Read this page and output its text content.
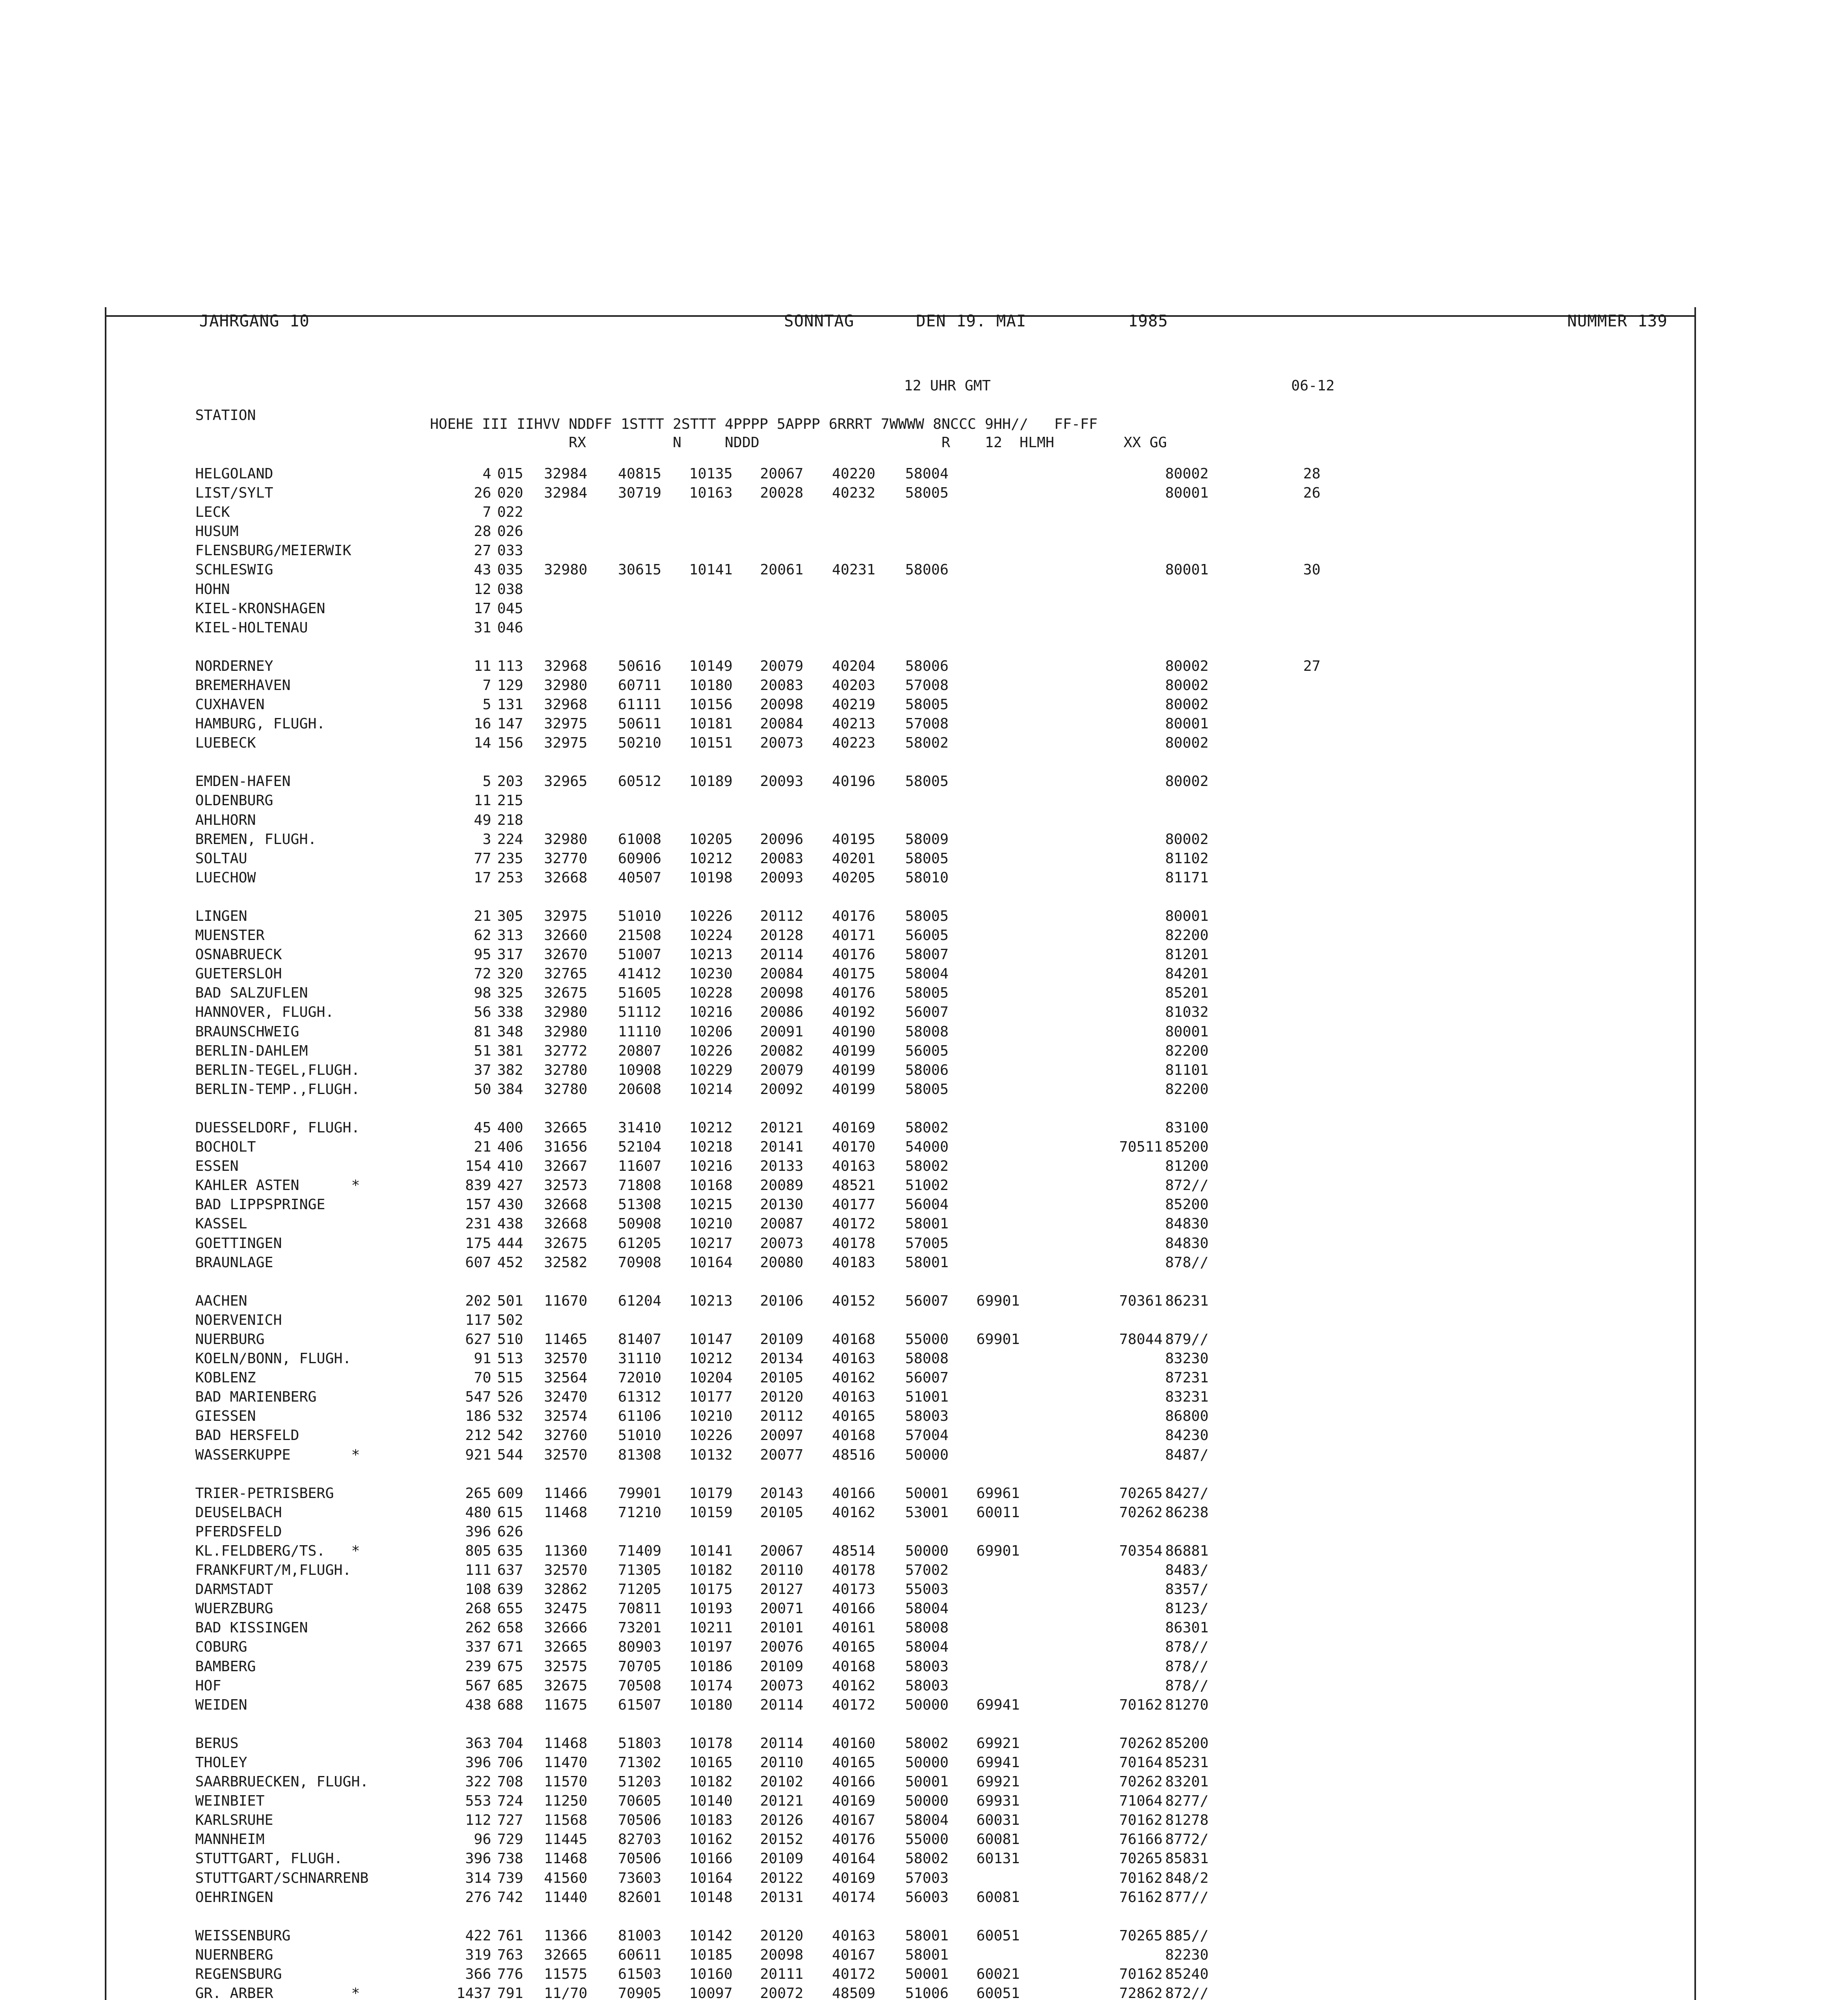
JAHRGANG 10	SONNTAG	DEN 19. MAI	1985	NUMMER 139
12 UHR GMT	06-12
STATION
HOEHE III IIHVV NDDFF 1STTT 2STTT 4PPPP 5APPP 6RRRT 7WWWW 8NCCC 9HH//   FF-FF
RX          N     NDDD                     R    12  HLMH        XX GG
HELGOLAND	4 015 32984 40815 10135 20067 40220 58004	80002	28
LIST/SYLT	26 020 32984 30719 10163 20028 40232 58005	80001	26
LECK	7 022
HUSUM	28 026
FLENSBURG/MEIERWIK	27 033
SCHLESWIG	43 035 32980 30615 10141 20061 40231 58006	80001	30
HOHN	12 038
KIEL-KRONSHAGEN	17 045
KIEL-HOLTENAU	31 046
NORDERNEY	11 113 32968 50616 10149 20079 40204 58006	80002	27
BREMERHAVEN	7 129 32980 60711 10180 20083 40203 57008	80002
CUXHAVEN	5 131 32968 61111 10156 20098 40219 58005	80002
HAMBURG, FLUGH.	16 147 32975 50611 10181 20084 40213 57008	80001
LUEBECK	14 156 32975 50210 10151 20073 40223 58002	80002
EMDEN-HAFEN	5 203 32965 60512 10189 20093 40196 58005	80002
OLDENBURG	11 215
AHLHORN	49 218
BREMEN, FLUGH.	3 224 32980 61008 10205 20096 40195 58009	80002
SOLTAU	77 235 32770 60906 10212 20083 40201 58005	81102
LUECHOW	17 253 32668 40507 10198 20093 40205 58010	81171
LINGEN	21 305 32975 51010 10226 20112 40176 58005	80001
MUENSTER	62 313 32660 21508 10224 20128 40171 56005	82200
OSNABRUECK	95 317 32670 51007 10213 20114 40176 58007	81201
GUETERSLOH	72 320 32765 41412 10230 20084 40175 58004	84201
BAD SALZUFLEN	98 325 32675 51605 10228 20098 40176 58005	85201
HANNOVER, FLUGH.	56 338 32980 51112 10216 20086 40192 56007	81032
BRAUNSCHWEIG	81 348 32980 11110 10206 20091 40190 58008	80001
BERLIN-DAHLEM	51 381 32772 20807 10226 20082 40199 56005	82200
BERLIN-TEGEL,FLUGH.	37 382 32780 10908 10229 20079 40199 58006	81101
BERLIN-TEMP.,FLUGH.	50 384 32780 20608 10214 20092 40199 58005	82200
DUESSELDORF, FLUGH.	45 400 32665 31410 10212 20121 40169 58002	83100
BOCHOLT	21 406 31656 52104 10218 20141 40170 54000	70511 85200
ESSEN	154 410 32667 11607 10216 20133 40163 58002	81200
KAHLER ASTEN      *	839 427 32573 71808 10168 20089 48521 51002	872//
BAD LIPPSPRINGE	157 430 32668 51308 10215 20130 40177 56004	85200
KASSEL	231 438 32668 50908 10210 20087 40172 58001	84830
GOETTINGEN	175 444 32675 61205 10217 20073 40178 57005	84830
BRAUNLAGE	607 452 32582 70908 10164 20080 40183 58001	878//
AACHEN	202 501 11670 61204 10213 20106 40152 56007 69901	70361 86231
NOERVENICH	117 502
NUERBURG	627 510 11465 81407 10147 20109 40168 55000 69901	78044 879//
KOELN/BONN, FLUGH.	91 513 32570 31110 10212 20134 40163 58008	83230
KOBLENZ	70 515 32564 72010 10204 20105 40162 56007	87231
BAD MARIENBERG	547 526 32470 61312 10177 20120 40163 51001	83231
GIESSEN	186 532 32574 61106 10210 20112 40165 58003	86800
BAD HERSFELD	212 542 32760 51010 10226 20097 40168 57004	84230
WASSERKUPPE       *	921 544 32570 81308 10132 20077 48516 50000	8487/
TRIER-PETRISBERG	265 609 11466 79901 10179 20143 40166 50001 69961	70265 8427/
DEUSELBACH	480 615 11468 71210 10159 20105 40162 53001 60011	70262 86238
PFERDSFELD	396 626
KL.FELDBERG/TS.   *	805 635 11360 71409 10141 20067 48514 50000 69901	70354 86881
FRANKFURT/M,FLUGH.	111 637 32570 71305 10182 20110 40178 57002	8483/
DARMSTADT	108 639 32862 71205 10175 20127 40173 55003	8357/
WUERZBURG	268 655 32475 70811 10193 20071 40166 58004	8123/
BAD KISSINGEN	262 658 32666 73201 10211 20101 40161 58008	86301
COBURG	337 671 32665 80903 10197 20076 40165 58004	878//
BAMBERG	239 675 32575 70705 10186 20109 40168 58003	878//
HOF	567 685 32675 70508 10174 20073 40162 58003	878//
WEIDEN	438 688 11675 61507 10180 20114 40172 50000 69941	70162 81270
BERUS	363 704 11468 51803 10178 20114 40160 58002 69921	70262 85200
THOLEY	396 706 11470 71302 10165 20110 40165 50000 69941	70164 85231
SAARBRUECKEN, FLUGH.	322 708 11570 51203 10182 20102 40166 50001 69921	70262 83201
WEINBIET	553 724 11250 70605 10140 20121 40169 50000 69931	71064 8277/
KARLSRUHE	112 727 11568 70506 10183 20126 40167 58004 60031	70162 81278
MANNHEIM	96 729 11445 82703 10162 20152 40176 55000 60081	76166 8772/
STUTTGART, FLUGH.	396 738 11468 70506 10166 20109 40164 58002 60131	70265 85831
STUTTGART/SCHNARRENB	314 739 41560 73603 10164 20122 40169 57003	70162 848/2
OEHRINGEN	276 742 11440 82601 10148 20131 40174 56003 60081	76162 877//
WEISSENBURG	422 761 11366 81003 10142 20120 40163 58001 60051	70265 885//
NUERNBERG	319 763 32665 60611 10185 20098 40167 58001	82230
REGENSBURG	366 776 11575 61503 10160 20111 40172 50001 60021	70162 85240
GR. ARBER         *	1437 791 11/70 70905 10097 20072 48509 51006 60051	72862 872//
